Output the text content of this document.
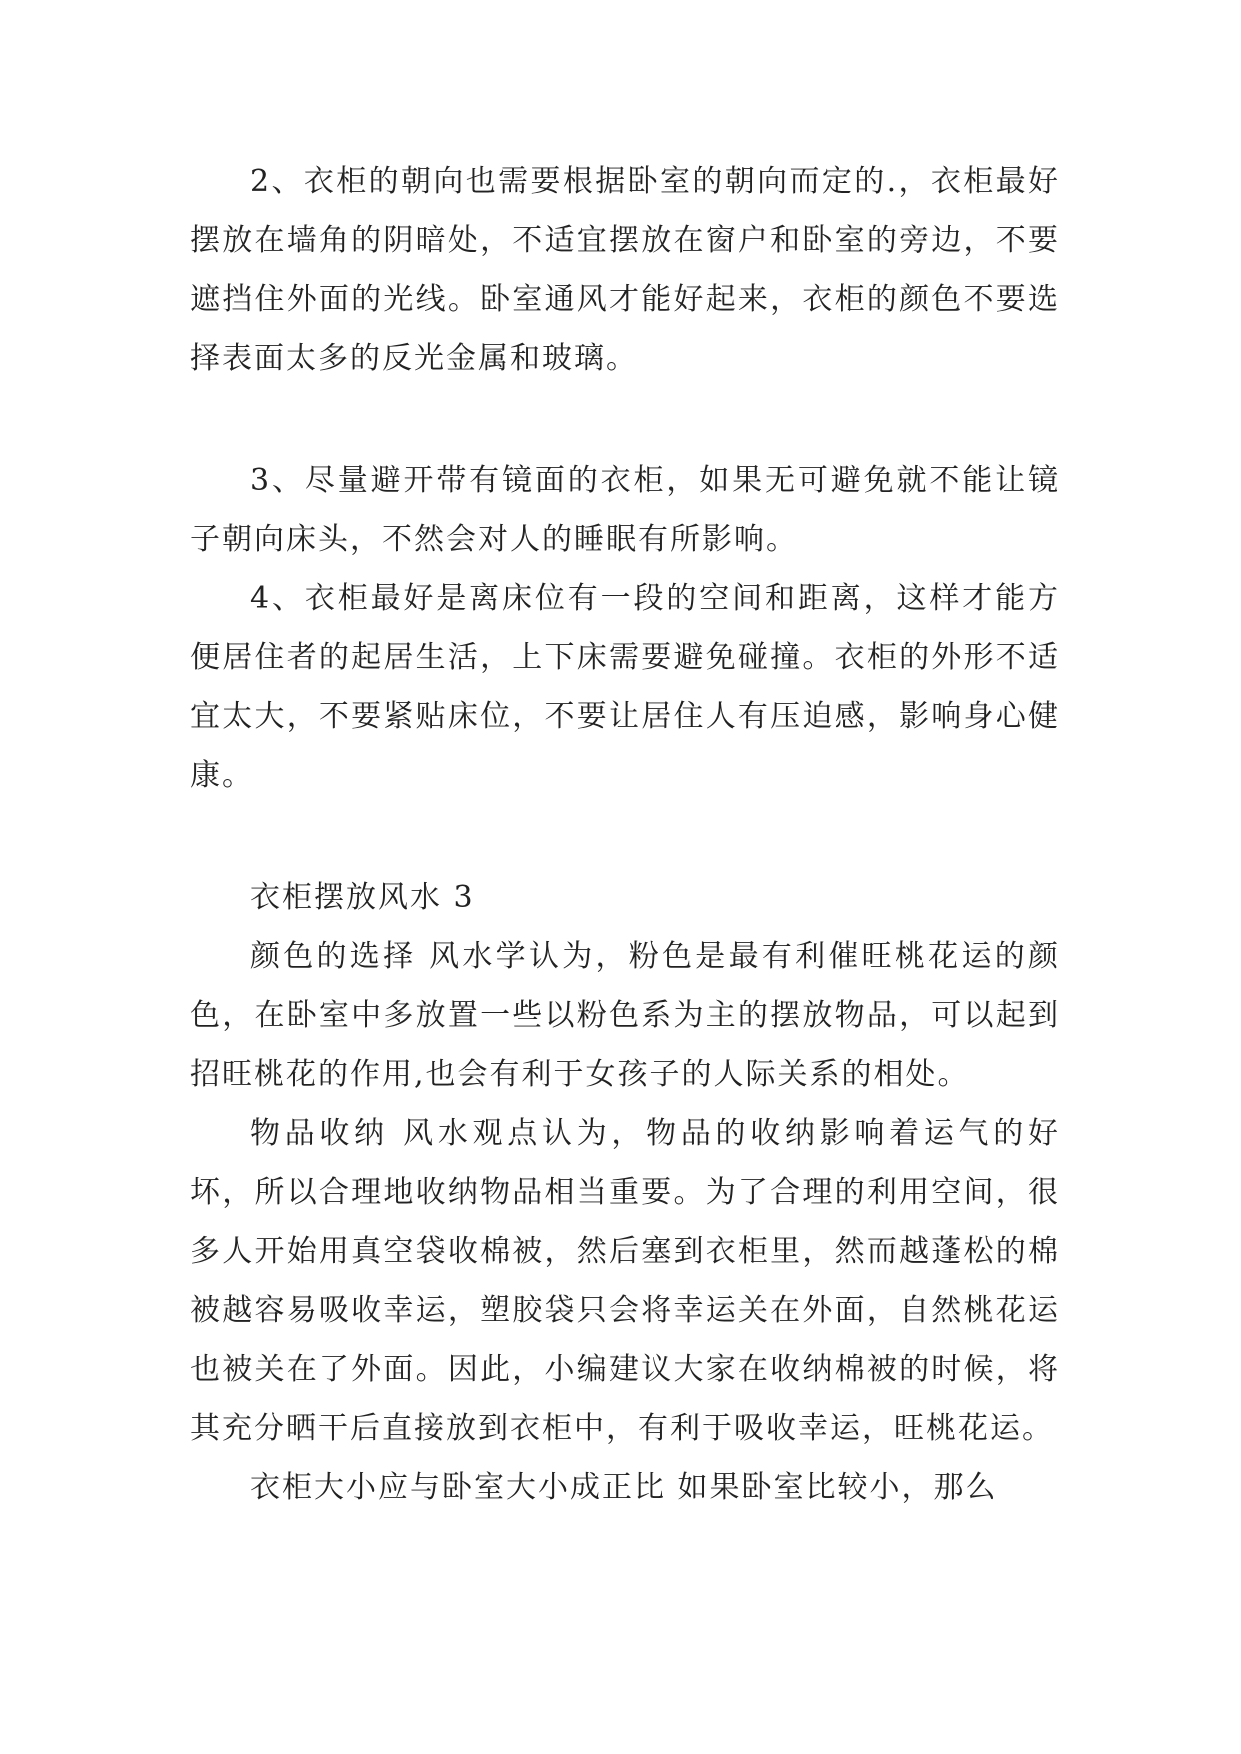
2、衣柜的朝向也需要根据卧室的朝向而定的.，衣柜最好摆放在墙角的阴暗处，不适宜摆放在窗户和卧室的旁边，不要遮挡住外面的光线。卧室通风才能好起来，衣柜的颜色不要选择表面太多的反光金属和玻璃。

3、尽量避开带有镜面的衣柜，如果无可避免就不能让镜子朝向床头，不然会对人的睡眠有所影响。

4、衣柜最好是离床位有一段的空间和距离，这样才能方便居住者的起居生活，上下床需要避免碰撞。衣柜的外形不适宜太大，不要紧贴床位，不要让居住人有压迫感，影响身心健康。

衣柜摆放风水 3

颜色的选择 风水学认为，粉色是最有利催旺桃花运的颜色，在卧室中多放置一些以粉色系为主的摆放物品，可以起到招旺桃花的作用,也会有利于女孩子的人际关系的相处。

物品收纳 风水观点认为，物品的收纳影响着运气的好坏，所以合理地收纳物品相当重要。为了合理的利用空间，很多人开始用真空袋收棉被，然后塞到衣柜里，然而越蓬松的棉被越容易吸收幸运，塑胶袋只会将幸运关在外面，自然桃花运也被关在了外面。因此，小编建议大家在收纳棉被的时候，将其充分晒干后直接放到衣柜中，有利于吸收幸运，旺桃花运。

衣柜大小应与卧室大小成正比 如果卧室比较小，那么
